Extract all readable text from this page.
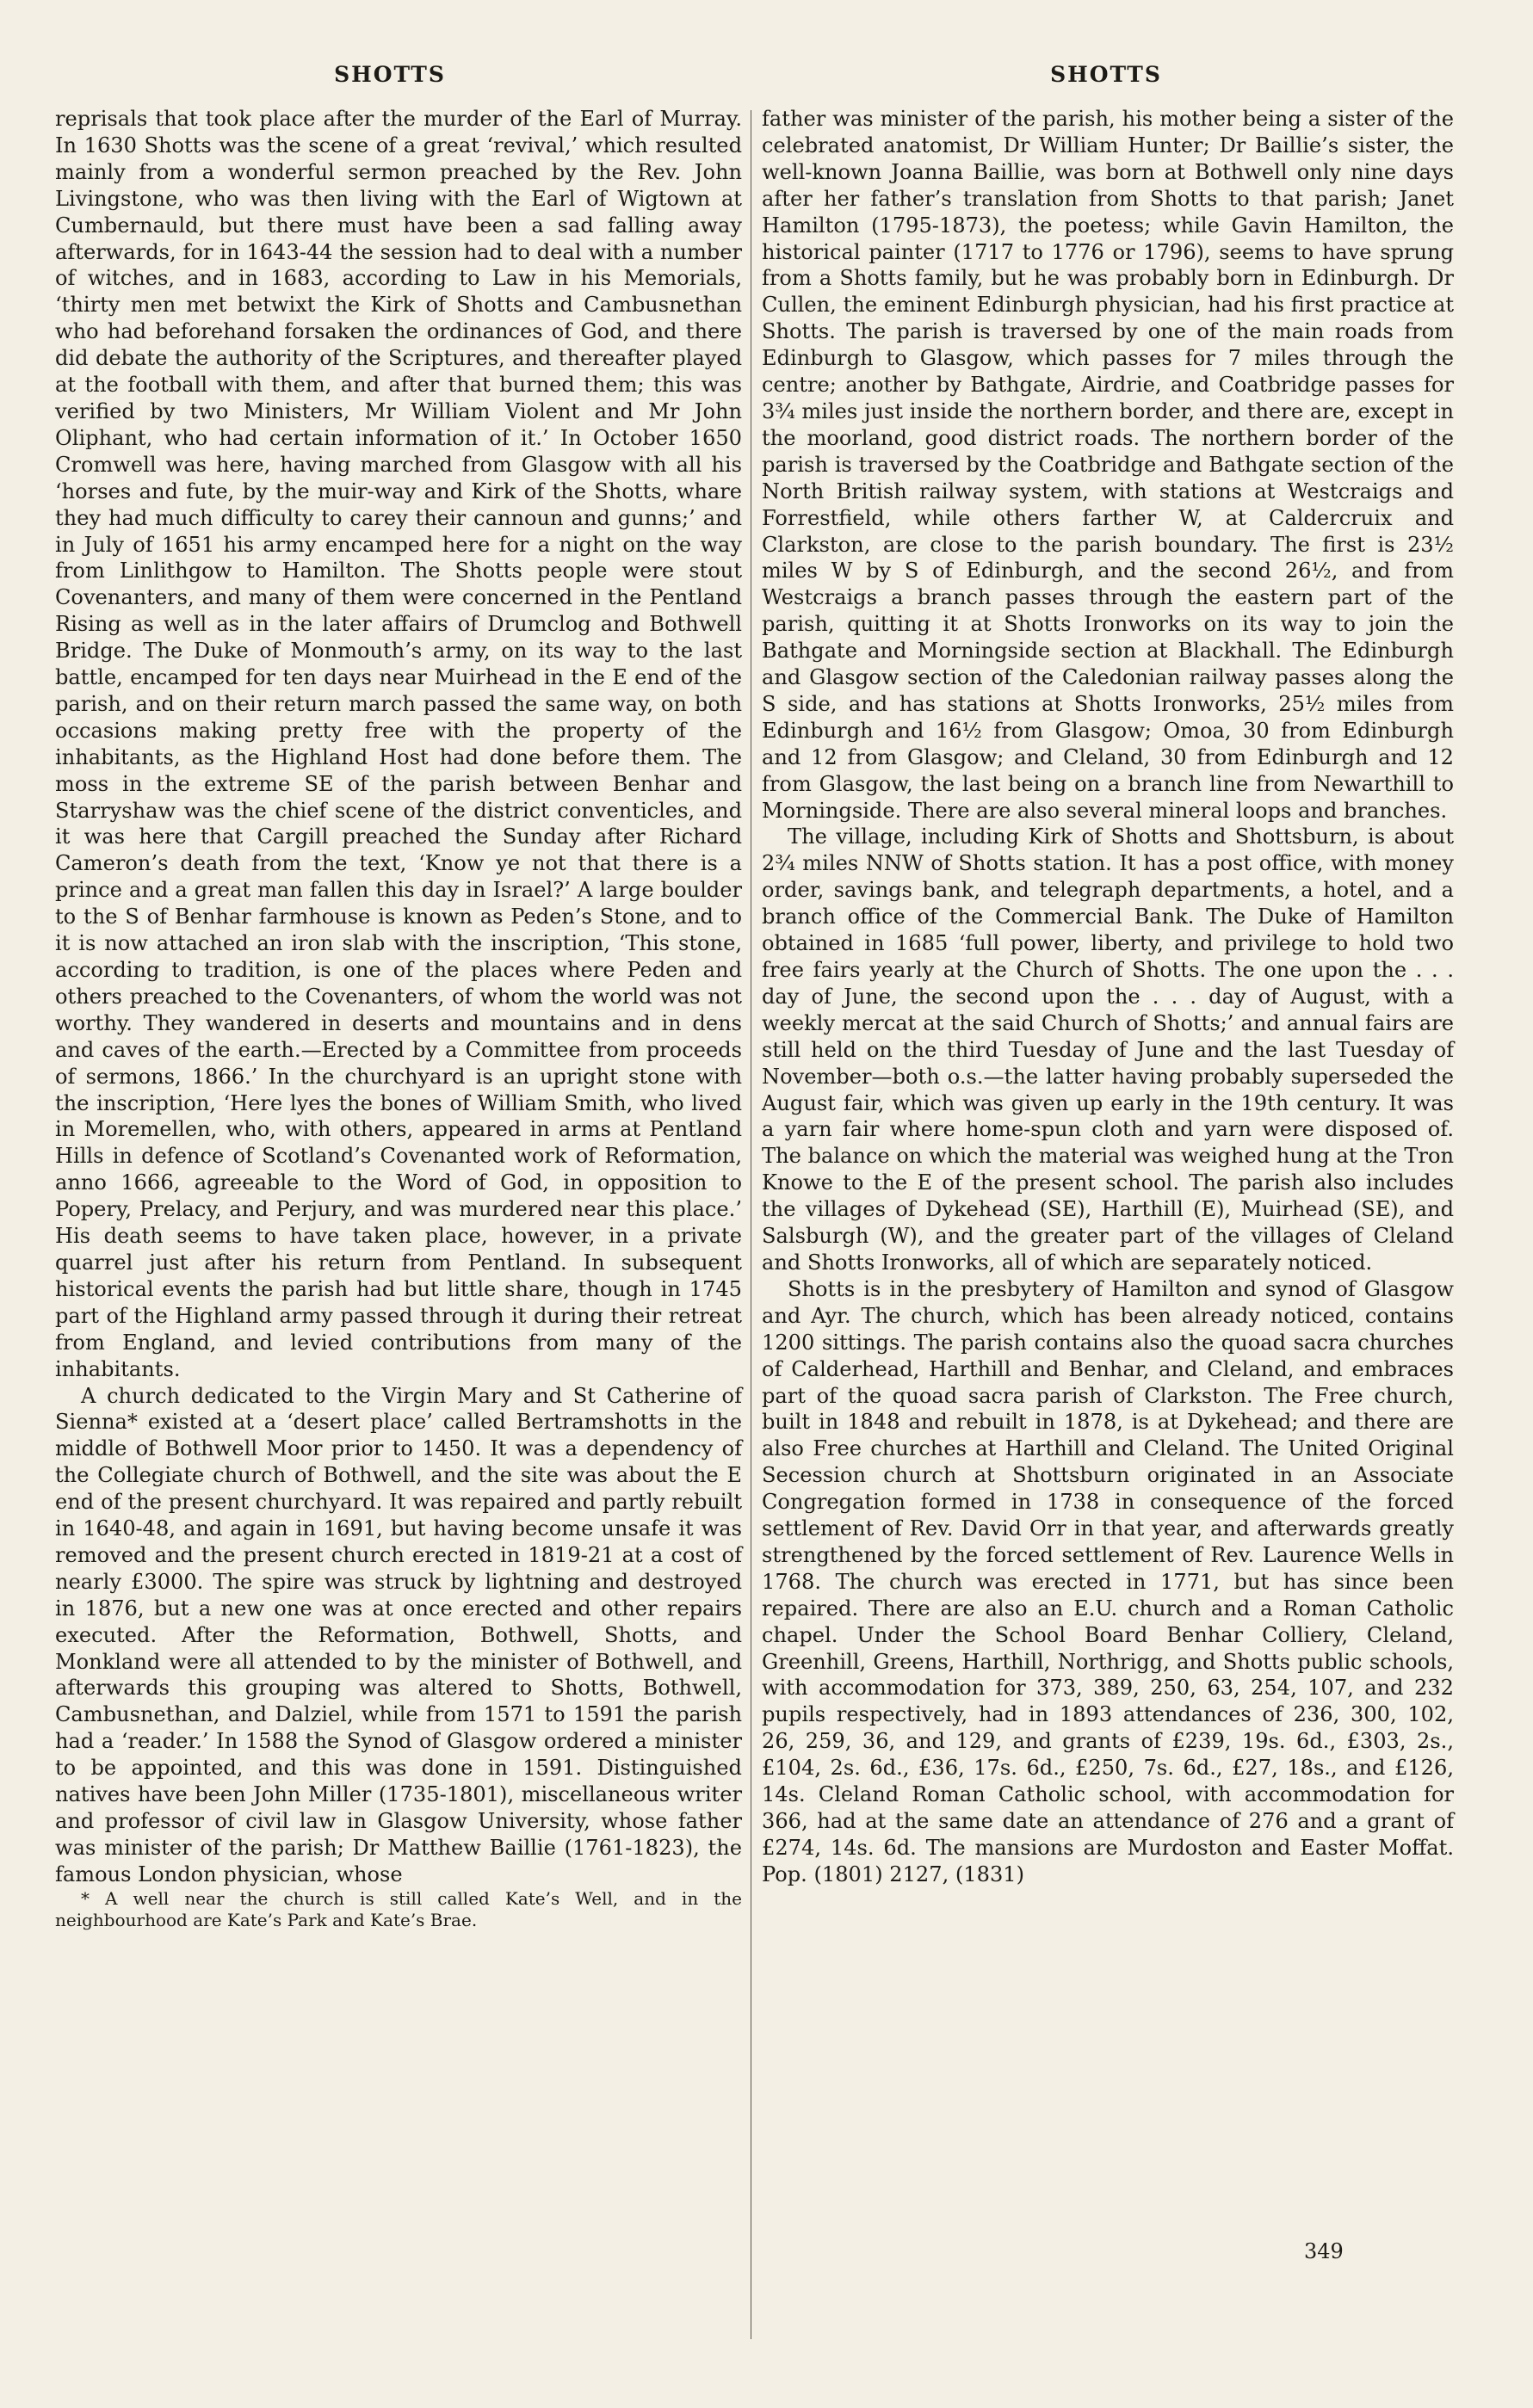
SHOTTS	SHOTTS

reprisals that took place after the murder of the Earl of Murray. In 1630 Shotts was the scene of a great ‘revival,’ which resulted mainly from a wonderful sermon preached by the Rev. John Livingstone, who was then living with the Earl of Wigtown at Cumbernauld, but there must have been a sad falling away afterwards, for in 1643-44 the session had to deal with a number of witches, and in 1683, according to Law in his Memorials, ‘thirty men met betwixt the Kirk of Shotts and Cambusnethan who had beforehand forsaken the ordinances of God, and there did debate the authority of the Scriptures, and thereafter played at the football with them, and after that burned them; this was verified by two Ministers, Mr William Violent and Mr John Oliphant, who had certain information of it.’ In October 1650 Cromwell was here, having marched from Glasgow with all his ‘horses and fute, by the muir-way and Kirk of the Shotts, whare they had much difficulty to carey their cannoun and gunns;’ and in July of 1651 his army encamped here for a night on the way from Linlithgow to Hamilton. The Shotts people were stout Covenanters, and many of them were concerned in the Pentland Rising as well as in the later affairs of Drumclog and Bothwell Bridge. The Duke of Monmouth’s army, on its way to the last battle, encamped for ten days near Muirhead in the E end of the parish, and on their return march passed the same way, on both occasions making pretty free with the property of the inhabitants, as the Highland Host had done before them. The moss in the extreme SE of the parish between Benhar and Starryshaw was the chief scene of the district conventicles, and it was here that Cargill preached the Sunday after Richard Cameron’s death from the text, ‘Know ye not that there is a prince and a great man fallen this day in Israel?’ A large boulder to the S of Benhar farmhouse is known as Peden’s Stone, and to it is now attached an iron slab with the inscription, ‘This stone, according to tradition, is one of the places where Peden and others preached to the Covenanters, of whom the world was not worthy. They wandered in deserts and mountains and in dens and caves of the earth.—Erected by a Committee from proceeds of sermons, 1866.’ In the churchyard is an upright stone with the inscription, ‘Here lyes the bones of William Smith, who lived in Moremellen, who, with others, appeared in arms at Pentland Hills in defence of Scotland’s Covenanted work of Reformation, anno 1666, agreeable to the Word of God, in opposition to Popery, Prelacy, and Perjury, and was murdered near this place.’ His death seems to have taken place, however, in a private quarrel just after his return from Pentland. In subsequent historical events the parish had but little share, though in 1745 part of the Highland army passed through it during their retreat from England, and levied contributions from many of the inhabitants.

A church dedicated to the Virgin Mary and St Catherine of Sienna* existed at a ‘desert place’ called Bertramshotts in the middle of Bothwell Moor prior to 1450. It was a dependency of the Collegiate church of Bothwell, and the site was about the E end of the present churchyard. It was repaired and partly rebuilt in 1640-48, and again in 1691, but having become unsafe it was removed and the present church erected in 1819-21 at a cost of nearly £3000. The spire was struck by lightning and destroyed in 1876, but a new one was at once erected and other repairs executed. After the Reformation, Bothwell, Shotts, and Monkland were all attended to by the minister of Bothwell, and afterwards this grouping was altered to Shotts, Bothwell, Cambusnethan, and Dalziel, while from 1571 to 1591 the parish had a ‘reader.’ In 1588 the Synod of Glasgow ordered a minister to be appointed, and this was done in 1591. Distinguished natives have been John Miller (1735-1801), miscellaneous writer and professor of civil law in Glasgow University, whose father was minister of the parish; Dr Matthew Baillie (1761-1823), the famous London physician, whose

* A well near the church is still called Kate’s Well, and in the neighbourhood are Kate’s Park and Kate’s Brae.

father was minister of the parish, his mother being a sister of the celebrated anatomist, Dr William Hunter; Dr Baillie’s sister, the well-known Joanna Baillie, was born at Bothwell only nine days after her father’s translation from Shotts to that parish; Janet Hamilton (1795-1873), the poetess; while Gavin Hamilton, the historical painter (1717 to 1776 or 1796), seems to have sprung from a Shotts family, but he was probably born in Edinburgh. Dr Cullen, the eminent Edinburgh physician, had his first practice at Shotts. The parish is traversed by one of the main roads from Edinburgh to Glasgow, which passes for 7 miles through the centre; another by Bathgate, Airdrie, and Coatbridge passes for 3¾ miles just inside the northern border, and there are, except in the moorland, good district roads. The northern border of the parish is traversed by the Coatbridge and Bathgate section of the North British railway system, with stations at Westcraigs and Forrestfield, while others farther W, at Caldercruix and Clarkston, are close to the parish boundary. The first is 23½ miles W by S of Edinburgh, and the second 26½, and from Westcraigs a branch passes through the eastern part of the parish, quitting it at Shotts Ironworks on its way to join the Bathgate and Morningside section at Blackhall. The Edinburgh and Glasgow section of the Caledonian railway passes along the S side, and has stations at Shotts Ironworks, 25½ miles from Edinburgh and 16½ from Glasgow; Omoa, 30 from Edinburgh and 12 from Glasgow; and Cleland, 30 from Edinburgh and 12 from Glasgow, the last being on a branch line from Newarthill to Morningside. There are also several mineral loops and branches.

The village, including Kirk of Shotts and Shottsburn, is about 2¾ miles NNW of Shotts station. It has a post office, with money order, savings bank, and telegraph departments, a hotel, and a branch office of the Commercial Bank. The Duke of Hamilton obtained in 1685 ‘full power, liberty, and privilege to hold two free fairs yearly at the Church of Shotts. The one upon the . . . day of June, the second upon the . . . day of August, with a weekly mercat at the said Church of Shotts;’ and annual fairs are still held on the third Tuesday of June and the last Tuesday of November—both o.s.—the latter having probably superseded the August fair, which was given up early in the 19th century. It was a yarn fair where home-spun cloth and yarn were disposed of. The balance on which the material was weighed hung at the Tron Knowe to the E of the present school. The parish also includes the villages of Dykehead (SE), Harthill (E), Muirhead (SE), and Salsburgh (W), and the greater part of the villages of Cleland and Shotts Ironworks, all of which are separately noticed.

Shotts is in the presbytery of Hamilton and synod of Glasgow and Ayr. The church, which has been already noticed, contains 1200 sittings. The parish contains also the quoad sacra churches of Calderhead, Harthill and Benhar, and Cleland, and embraces part of the quoad sacra parish of Clarkston. The Free church, built in 1848 and rebuilt in 1878, is at Dykehead; and there are also Free churches at Harthill and Cleland. The United Original Secession church at Shottsburn originated in an Associate Congregation formed in 1738 in consequence of the forced settlement of Rev. David Orr in that year, and afterwards greatly strengthened by the forced settlement of Rev. Laurence Wells in 1768. The church was erected in 1771, but has since been repaired. There are also an E.U. church and a Roman Catholic chapel. Under the School Board Benhar Colliery, Cleland, Greenhill, Greens, Harthill, Northrigg, and Shotts public schools, with accommodation for 373, 389, 250, 63, 254, 107, and 232 pupils respectively, had in 1893 attendances of 236, 300, 102, 26, 259, 36, and 129, and grants of £239, 19s. 6d., £303, 2s., £104, 2s. 6d., £36, 17s. 6d., £250, 7s. 6d., £27, 18s., and £126, 14s. Cleland Roman Catholic school, with accommodation for 366, had at the same date an attendance of 276 and a grant of £274, 14s. 6d. The mansions are Murdoston and Easter Moffat. Pop. (1801) 2127, (1831)

349
